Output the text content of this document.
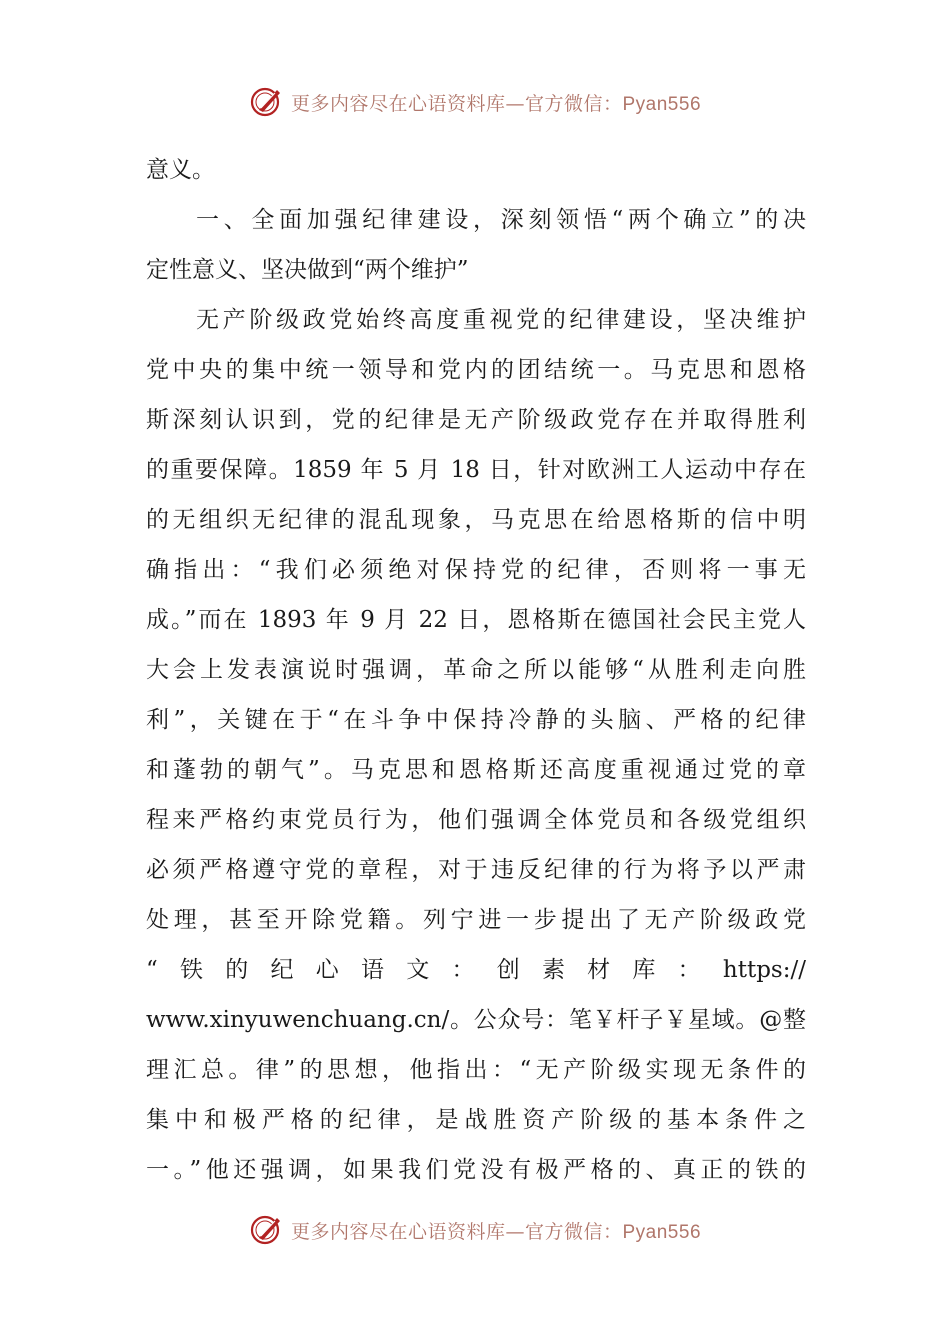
更多内容尽在心语资料库—官方微信：Pyan556
意义。
一、全面加强纪律建设，深刻领悟“两个确立”的决
定性意义、坚决做到“两个维护”
无产阶级政党始终高度重视党的纪律建设，坚决维护
党中央的集中统一领导和党内的团结统一。马克思和恩格
斯深刻认识到，党的纪律是无产阶级政党存在并取得胜利
的重要保障。1859 年 5 月 18 日，针对欧洲工人运动中存在
的无组织无纪律的混乱现象，马克思在给恩格斯的信中明
确指出：“我们必须绝对保持党的纪律，否则将一事无
成。”而在 1893 年 9 月 22 日，恩格斯在德国社会民主党人
大会上发表演说时强调，革命之所以能够“从胜利走向胜
利”，关键在于“在斗争中保持冷静的头脑、严格的纪律
和蓬勃的朝气”。马克思和恩格斯还高度重视通过党的章
程来严格约束党员行为，他们强调全体党员和各级党组织
必须严格遵守党的章程，对于违反纪律的行为将予以严肃
处理，甚至开除党籍。列宁进一步提出了无产阶级政党
“铁的纪心语文：创素材库：https://
www.xinyuwenchuang.cn/。公众号：笔￥杆子￥星域。@整
理汇总。律”的思想，他指出：“无产阶级实现无条件的
集中和极严格的纪律，是战胜资产阶级的基本条件之
一。”他还强调，如果我们党没有极严格的、真正的铁的
更多内容尽在心语资料库—官方微信：Pyan556
